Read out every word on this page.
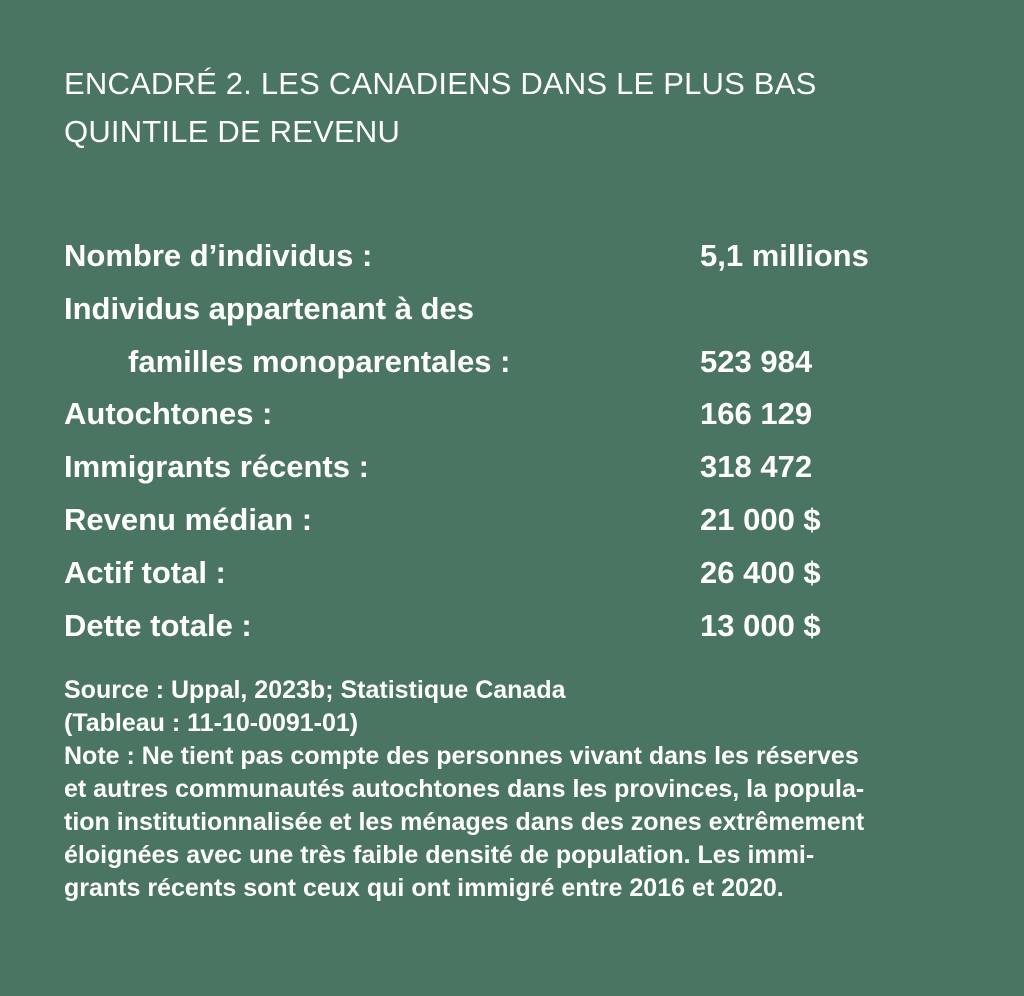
ENCADRÉ 2. LES CANADIENS DANS LE PLUS BAS
QUINTILE DE REVENU
Nombre d’individus :	5,1 millions
Individus appartenant à des
familles monoparentales :	523 984
Autochtones :	166 129
Immigrants récents :	318 472
Revenu médian :	21 000 $
Actif total :	26 400 $
Dette totale :	13 000 $

Source : Uppal, 2023b; Statistique Canada

(Tableau : 11-10-0091-01)

Note : Ne tient pas compte des personnes vivant dans les réserves

et autres communautés autochtones dans les provinces, la popula-

tion institutionnalisée et les ménages dans des zones extrêmement

éloignées avec une très faible densité de population. Les immi-

grants récents sont ceux qui ont immigré entre 2016 et 2020.
